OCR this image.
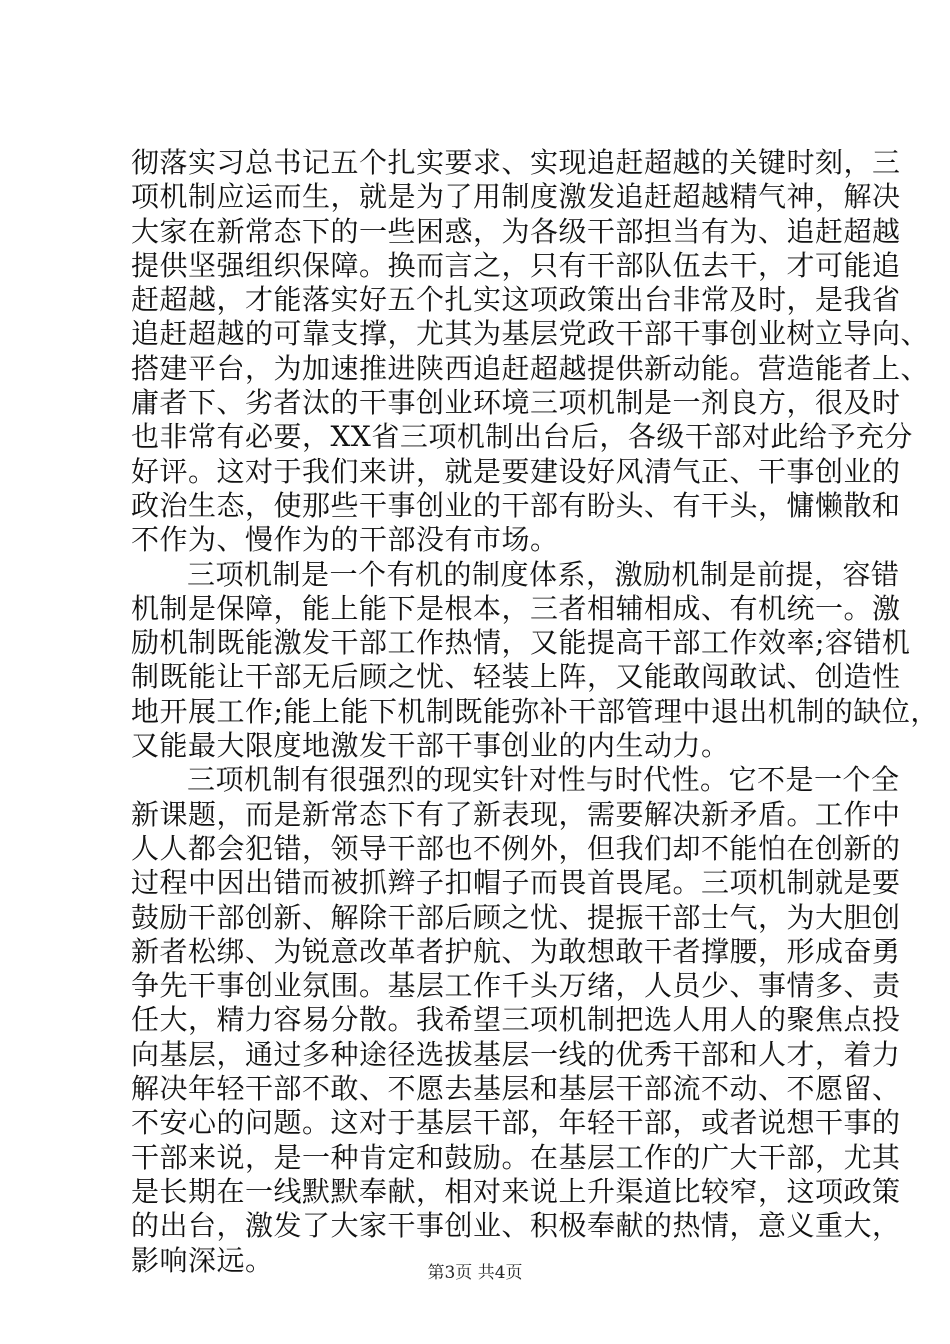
彻落实习总书记五个扎实要求、实现追赶超越的关键时刻，三
项机制应运而生，就是为了用制度激发追赶超越精气神，解决
大家在新常态下的一些困惑，为各级干部担当有为、追赶超越
提供坚强组织保障。换而言之，只有干部队伍去干，才可能追
赶超越，才能落实好五个扎实这项政策出台非常及时，是我省
追赶超越的可靠支撑，尤其为基层党政干部干事创业树立导向、
搭建平台，为加速推进陕西追赶超越提供新动能。营造能者上、
庸者下、劣者汰的干事创业环境三项机制是一剂良方，很及时
也非常有必要，XX省三项机制出台后，各级干部对此给予充分
好评。这对于我们来讲，就是要建设好风清气正、干事创业的
政治生态，使那些干事创业的干部有盼头、有干头，慵懒散和
不作为、慢作为的干部没有市场。
三项机制是一个有机的制度体系，激励机制是前提，容错
机制是保障，能上能下是根本，三者相辅相成、有机统一。激
励机制既能激发干部工作热情，又能提高干部工作效率;容错机
制既能让干部无后顾之忧、轻装上阵，又能敢闯敢试、创造性
地开展工作;能上能下机制既能弥补干部管理中退出机制的缺位，
又能最大限度地激发干部干事创业的内生动力。
三项机制有很强烈的现实针对性与时代性。它不是一个全
新课题，而是新常态下有了新表现，需要解决新矛盾。工作中
人人都会犯错，领导干部也不例外，但我们却不能怕在创新的
过程中因出错而被抓辫子扣帽子而畏首畏尾。三项机制就是要
鼓励干部创新、解除干部后顾之忧、提振干部士气，为大胆创
新者松绑、为锐意改革者护航、为敢想敢干者撑腰，形成奋勇
争先干事创业氛围。基层工作千头万绪，人员少、事情多、责
任大，精力容易分散。我希望三项机制把选人用人的聚焦点投
向基层，通过多种途径选拔基层一线的优秀干部和人才，着力
解决年轻干部不敢、不愿去基层和基层干部流不动、不愿留、
不安心的问题。这对于基层干部，年轻干部，或者说想干事的
干部来说，是一种肯定和鼓励。在基层工作的广大干部，尤其
是长期在一线默默奉献，相对来说上升渠道比较窄，这项政策
的出台，激发了大家干事创业、积极奉献的热情，意义重大，
影响深远。	第3页 共4页
